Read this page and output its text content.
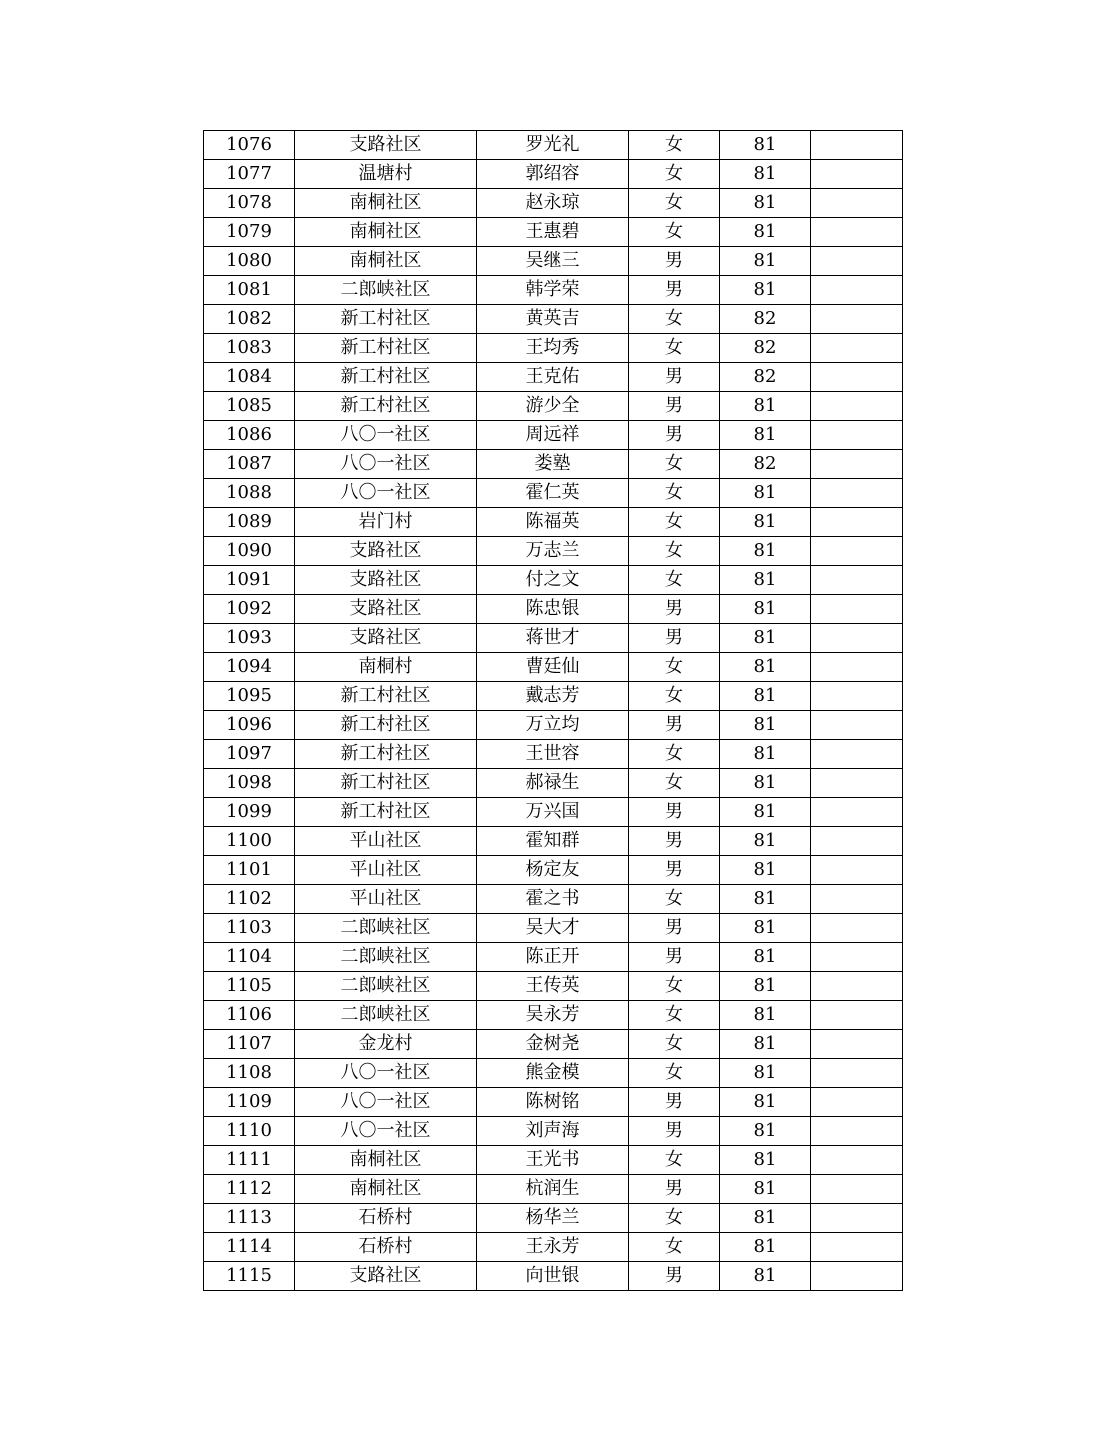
1076	支路社区	罗光礼	女	81	
1077	温塘村	郭绍容	女	81	
1078	南桐社区	赵永琼	女	81	
1079	南桐社区	王惠碧	女	81	
1080	南桐社区	吴继三	男	81	
1081	二郎峡社区	韩学荣	男	81	
1082	新工村社区	黄英吉	女	82	
1083	新工村社区	王均秀	女	82	
1084	新工村社区	王克佑	男	82	
1085	新工村社区	游少全	男	81	
1086	八〇一社区	周远祥	男	81	
1087	八〇一社区	娄塾	女	82	
1088	八〇一社区	霍仁英	女	81	
1089	岩门村	陈福英	女	81	
1090	支路社区	万志兰	女	81	
1091	支路社区	付之文	女	81	
1092	支路社区	陈忠银	男	81	
1093	支路社区	蒋世才	男	81	
1094	南桐村	曹廷仙	女	81	
1095	新工村社区	戴志芳	女	81	
1096	新工村社区	万立均	男	81	
1097	新工村社区	王世容	女	81	
1098	新工村社区	郝禄生	女	81	
1099	新工村社区	万兴国	男	81	
1100	平山社区	霍知群	男	81	
1101	平山社区	杨定友	男	81	
1102	平山社区	霍之书	女	81	
1103	二郎峡社区	吴大才	男	81	
1104	二郎峡社区	陈正开	男	81	
1105	二郎峡社区	王传英	女	81	
1106	二郎峡社区	吴永芳	女	81	
1107	金龙村	金树尧	女	81	
1108	八〇一社区	熊金模	女	81	
1109	八〇一社区	陈树铭	男	81	
1110	八〇一社区	刘声海	男	81	
1111	南桐社区	王光书	女	81	
1112	南桐社区	杭润生	男	81	
1113	石桥村	杨华兰	女	81	
1114	石桥村	王永芳	女	81	
1115	支路社区	向世银	男	81	
